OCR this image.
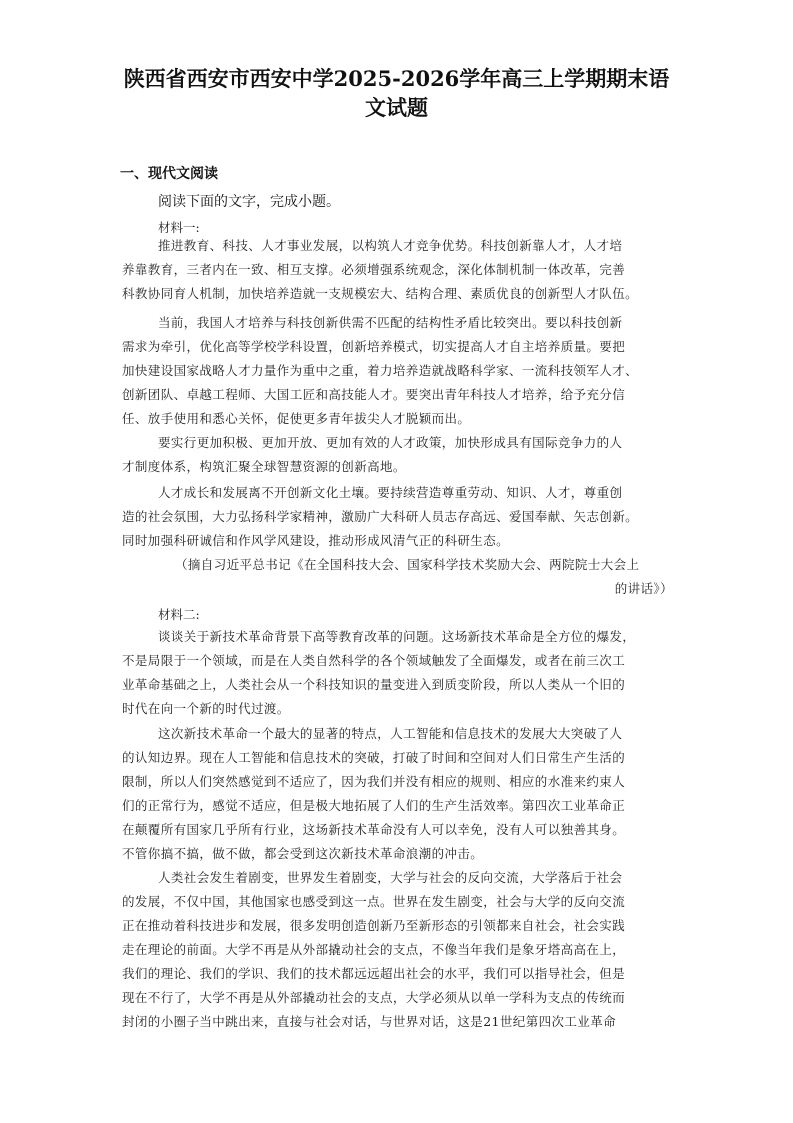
陕西省西安市西安中学2025-2026学年高三上学期期末语
文试题
一、现代文阅读
阅读下面的文字，完成小题。
材料一:
推进教育、科技、人才事业发展，以构筑人才竞争优势。科技创新靠人才，人才培
养靠教育，三者内在一致、相互支撑。必须增强系统观念，深化体制机制一体改革，完善
科教协同育人机制，加快培养造就一支规模宏大、结构合理、素质优良的创新型人才队伍。
当前，我国人才培养与科技创新供需不匹配的结构性矛盾比较突出。要以科技创新
需求为牵引，优化高等学校学科设置，创新培养模式，切实提高人才自主培养质量。要把
加快建设国家战略人才力量作为重中之重，着力培养造就战略科学家、一流科技领军人才、
创新团队、卓越工程师、大国工匠和高技能人才。要突出青年科技人才培养，给予充分信
任、放手使用和悉心关怀，促使更多青年拔尖人才脱颖而出。
要实行更加积极、更加开放、更加有效的人才政策，加快形成具有国际竞争力的人
才制度体系，构筑汇聚全球智慧资源的创新高地。
人才成长和发展离不开创新文化土壤。要持续营造尊重劳动、知识、人才，尊重创
造的社会氛围，大力弘扬科学家精神，激励广大科研人员志存高远、爱国奉献、矢志创新。
同时加强科研诚信和作风学风建设，推动形成风清气正的科研生态。
（摘自习近平总书记《在全国科技大会、国家科学技术奖励大会、两院院士大会上
的讲话》）
材料二:
谈谈关于新技术革命背景下高等教育改革的问题。这场新技术革命是全方位的爆发，
不是局限于一个领域，而是在人类自然科学的各个领域触发了全面爆发，或者在前三次工
业革命基础之上，人类社会从一个科技知识的量变进入到质变阶段，所以人类从一个旧的
时代在向一个新的时代过渡。
这次新技术革命一个最大的显著的特点，人工智能和信息技术的发展大大突破了人
的认知边界。现在人工智能和信息技术的突破，打破了时间和空间对人们日常生产生活的
限制，所以人们突然感觉到不适应了，因为我们并没有相应的规则、相应的水准来约束人
们的正常行为，感觉不适应，但是极大地拓展了人们的生产生活效率。第四次工业革命正
在颠覆所有国家几乎所有行业，这场新技术革命没有人可以幸免，没有人可以独善其身。
不管你搞不搞，做不做，都会受到这次新技术革命浪潮的冲击。
人类社会发生着剧变，世界发生着剧变，大学与社会的反向交流，大学落后于社会
的发展，不仅中国，其他国家也感受到这一点。世界在发生剧变，社会与大学的反向交流
正在推动着科技进步和发展，很多发明创造创新乃至新形态的引领都来自社会，社会实践
走在理论的前面。大学不再是从外部撬动社会的支点，不像当年我们是象牙塔高高在上，
我们的理论、我们的学识、我们的技术都远远超出社会的水平，我们可以指导社会，但是
现在不行了，大学不再是从外部撬动社会的支点，大学必须从以单一学科为支点的传统而
封闭的小圈子当中跳出来，直接与社会对话，与世界对话，这是21世纪第四次工业革命
